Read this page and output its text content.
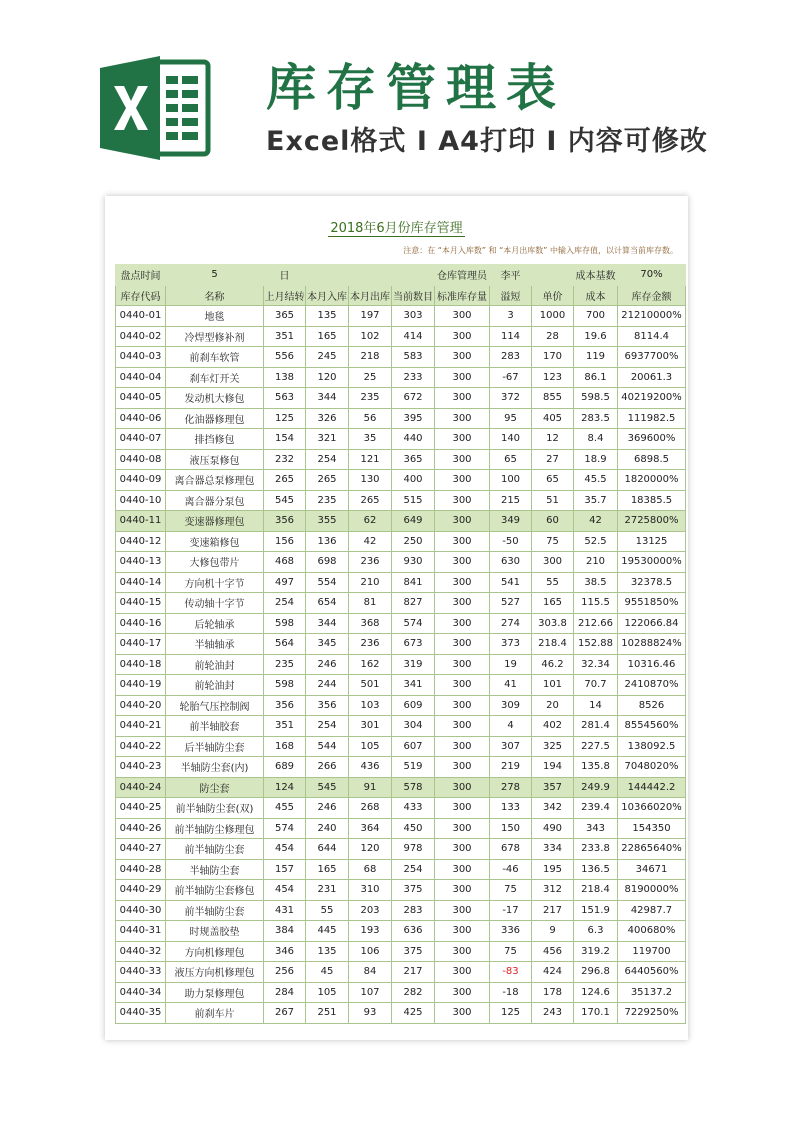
库存管理表
Excel格式 I A4打印 I 内容可修改
2018年6月份库存管理
注意：在 “本月入库数” 和 “本月出库数” 中输入库存值，以计算当前库存数。
盘点时间	5	日				仓库管理员	李平		成本基数	70%
库存代码	名称	上月结转	本月入库	本月出库	当前数目	标准库存量	溢短	单价	成本	库存金额
0440-01	地毯	365	135	197	303	300	3	1000	700	21210000%
0440-02	冷焊型修补剂	351	165	102	414	300	114	28	19.6	8114.4
0440-03	前刹车软管	556	245	218	583	300	283	170	119	6937700%
0440-04	刹车灯开关	138	120	25	233	300	-67	123	86.1	20061.3
0440-05	发动机大修包	563	344	235	672	300	372	855	598.5	40219200%
0440-06	化油器修理包	125	326	56	395	300	95	405	283.5	111982.5
0440-07	排挡修包	154	321	35	440	300	140	12	8.4	369600%
0440-08	液压泵修包	232	254	121	365	300	65	27	18.9	6898.5
0440-09	离合器总泵修理包	265	265	130	400	300	100	65	45.5	1820000%
0440-10	离合器分泵包	545	235	265	515	300	215	51	35.7	18385.5
0440-11	变速器修理包	356	355	62	649	300	349	60	42	2725800%
0440-12	变速箱修包	156	136	42	250	300	-50	75	52.5	13125
0440-13	大修包带片	468	698	236	930	300	630	300	210	19530000%
0440-14	方向机十字节	497	554	210	841	300	541	55	38.5	32378.5
0440-15	传动轴十字节	254	654	81	827	300	527	165	115.5	9551850%
0440-16	后轮轴承	598	344	368	574	300	274	303.8	212.66	122066.84
0440-17	半轴轴承	564	345	236	673	300	373	218.4	152.88	10288824%
0440-18	前轮油封	235	246	162	319	300	19	46.2	32.34	10316.46
0440-19	前轮油封	598	244	501	341	300	41	101	70.7	2410870%
0440-20	轮胎气压控制阀	356	356	103	609	300	309	20	14	8526
0440-21	前半轴胶套	351	254	301	304	300	4	402	281.4	8554560%
0440-22	后半轴防尘套	168	544	105	607	300	307	325	227.5	138092.5
0440-23	半轴防尘套(内)	689	266	436	519	300	219	194	135.8	7048020%
0440-24	防尘套	124	545	91	578	300	278	357	249.9	144442.2
0440-25	前半轴防尘套(双)	455	246	268	433	300	133	342	239.4	10366020%
0440-26	前半轴防尘修理包	574	240	364	450	300	150	490	343	154350
0440-27	前半轴防尘套	454	644	120	978	300	678	334	233.8	22865640%
0440-28	半轴防尘套	157	165	68	254	300	-46	195	136.5	34671
0440-29	前半轴防尘套修包	454	231	310	375	300	75	312	218.4	8190000%
0440-30	前半轴防尘套	431	55	203	283	300	-17	217	151.9	42987.7
0440-31	时规盖胶垫	384	445	193	636	300	336	9	6.3	400680%
0440-32	方向机修理包	346	135	106	375	300	75	456	319.2	119700
0440-33	液压方向机修理包	256	45	84	217	300	-83	424	296.8	6440560%
0440-34	助力泵修理包	284	105	107	282	300	-18	178	124.6	35137.2
0440-35	前刹车片	267	251	93	425	300	125	243	170.1	7229250%
